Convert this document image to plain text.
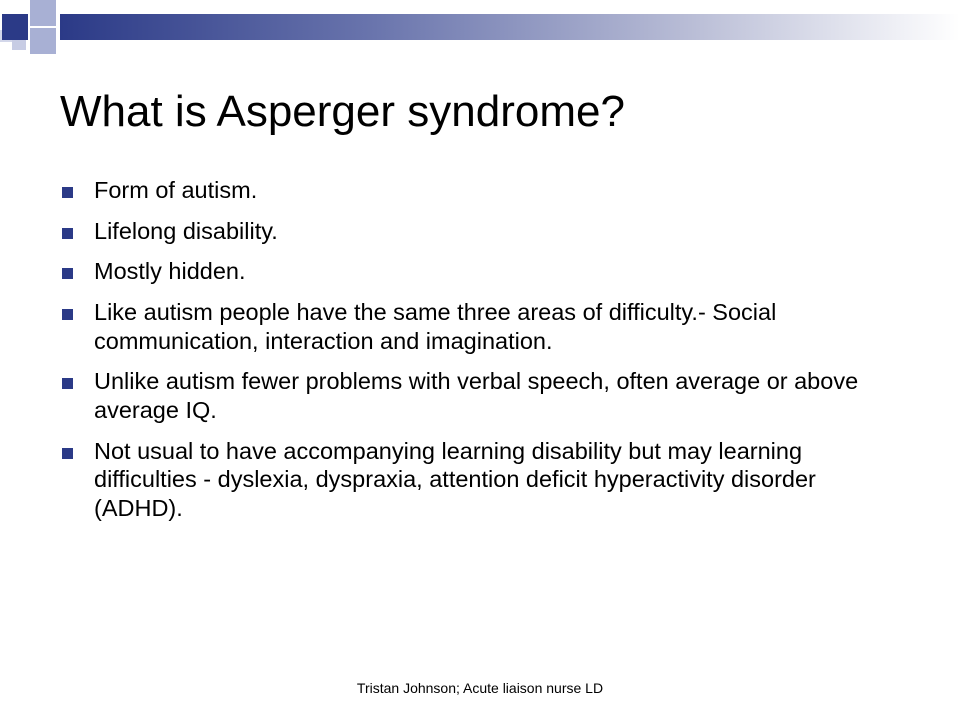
What is Asperger syndrome?
Form of autism.
Lifelong disability.
Mostly hidden.
Like autism people have the same three areas of difficulty.- Social communication, interaction and imagination.
Unlike autism fewer problems with verbal speech, often average or above average IQ.
Not usual to have accompanying learning disability but may learning difficulties - dyslexia, dyspraxia, attention deficit hyperactivity disorder (ADHD).
Tristan Johnson; Acute liaison nurse LD
